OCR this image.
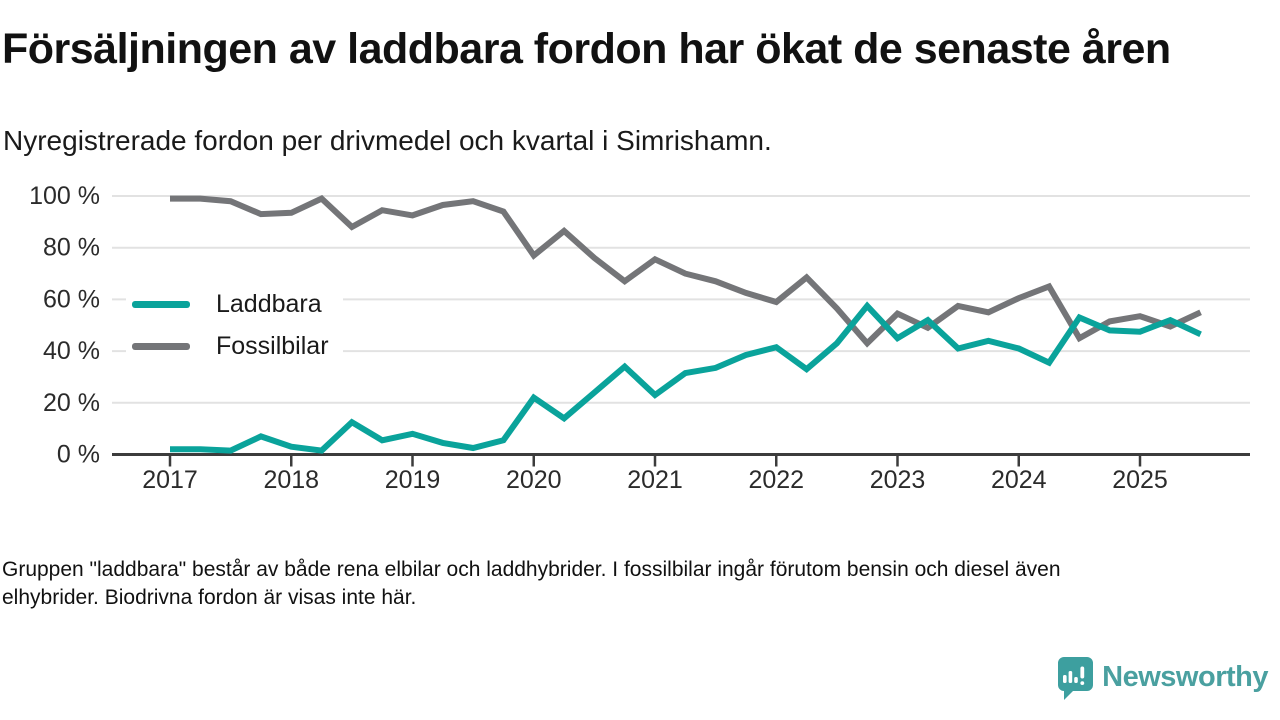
Försäljningen av laddbara fordon har ökat de senaste åren
Nyregistrerade fordon per drivmedel och kvartal i Simrishamn.
0 %
20 %
40 %
60 %
80 %
100 %
2017	2018	2019	2020	2021	2022	2023	2024	2025
Laddbara
Fossilbilar
Gruppen "laddbara" består av både rena elbilar och laddhybrider. I fossilbilar ingår förutom bensin och diesel även
elhybrider. Biodrivna fordon är visas inte här.
Newsworthy
